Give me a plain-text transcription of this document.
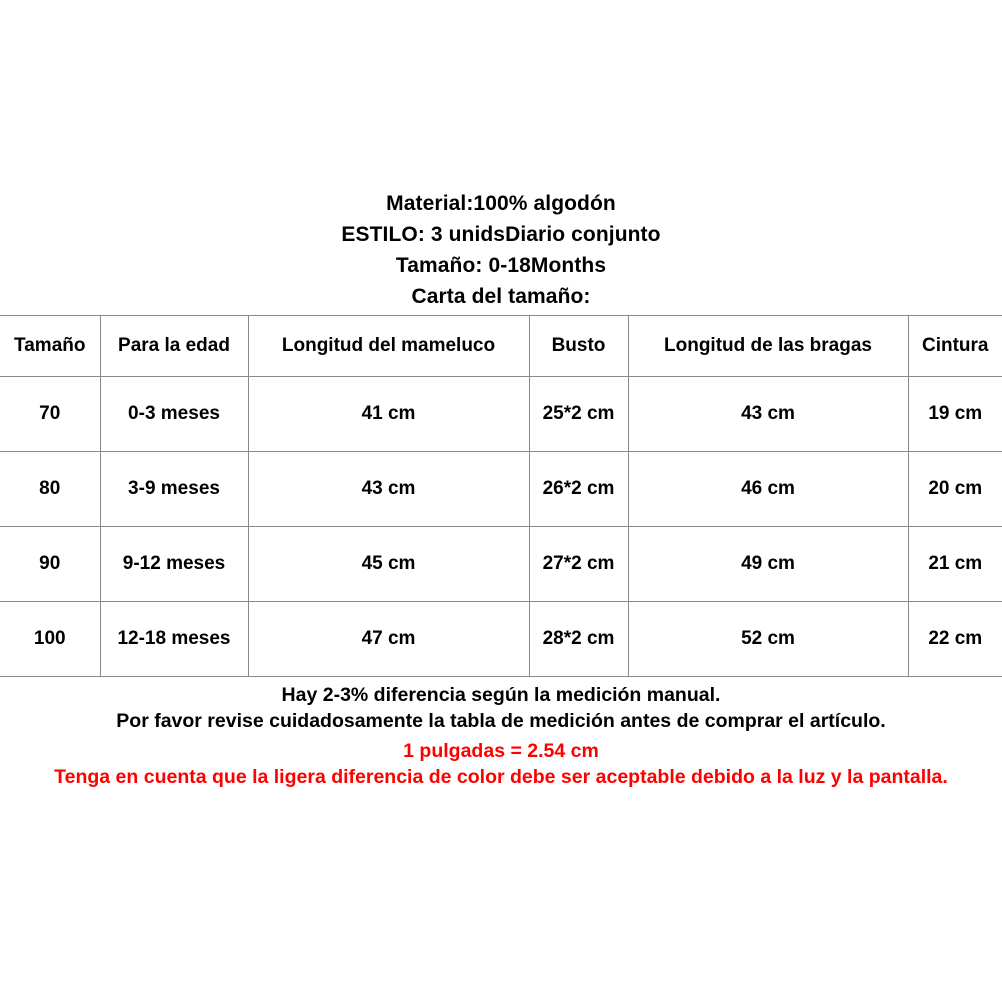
Material:100% algodón
ESTILO: 3 unidsDiario conjunto
Tamaño: 0-18Months
Carta del tamaño:
Tamaño	Para la edad	Longitud del mameluco	Busto	Longitud de las bragas	Cintura
70	0-3 meses	41 cm	25*2 cm	43 cm	19 cm
80	3-9 meses	43 cm	26*2 cm	46 cm	20 cm
90	9-12 meses	45 cm	27*2 cm	49 cm	21 cm
100	12-18 meses	47 cm	28*2 cm	52 cm	22 cm
Hay 2-3% diferencia según la medición manual.
Por favor revise cuidadosamente la tabla de medición antes de comprar el artículo.
1 pulgadas = 2.54 cm
Tenga en cuenta que la ligera diferencia de color debe ser aceptable debido a la luz y la pantalla.
